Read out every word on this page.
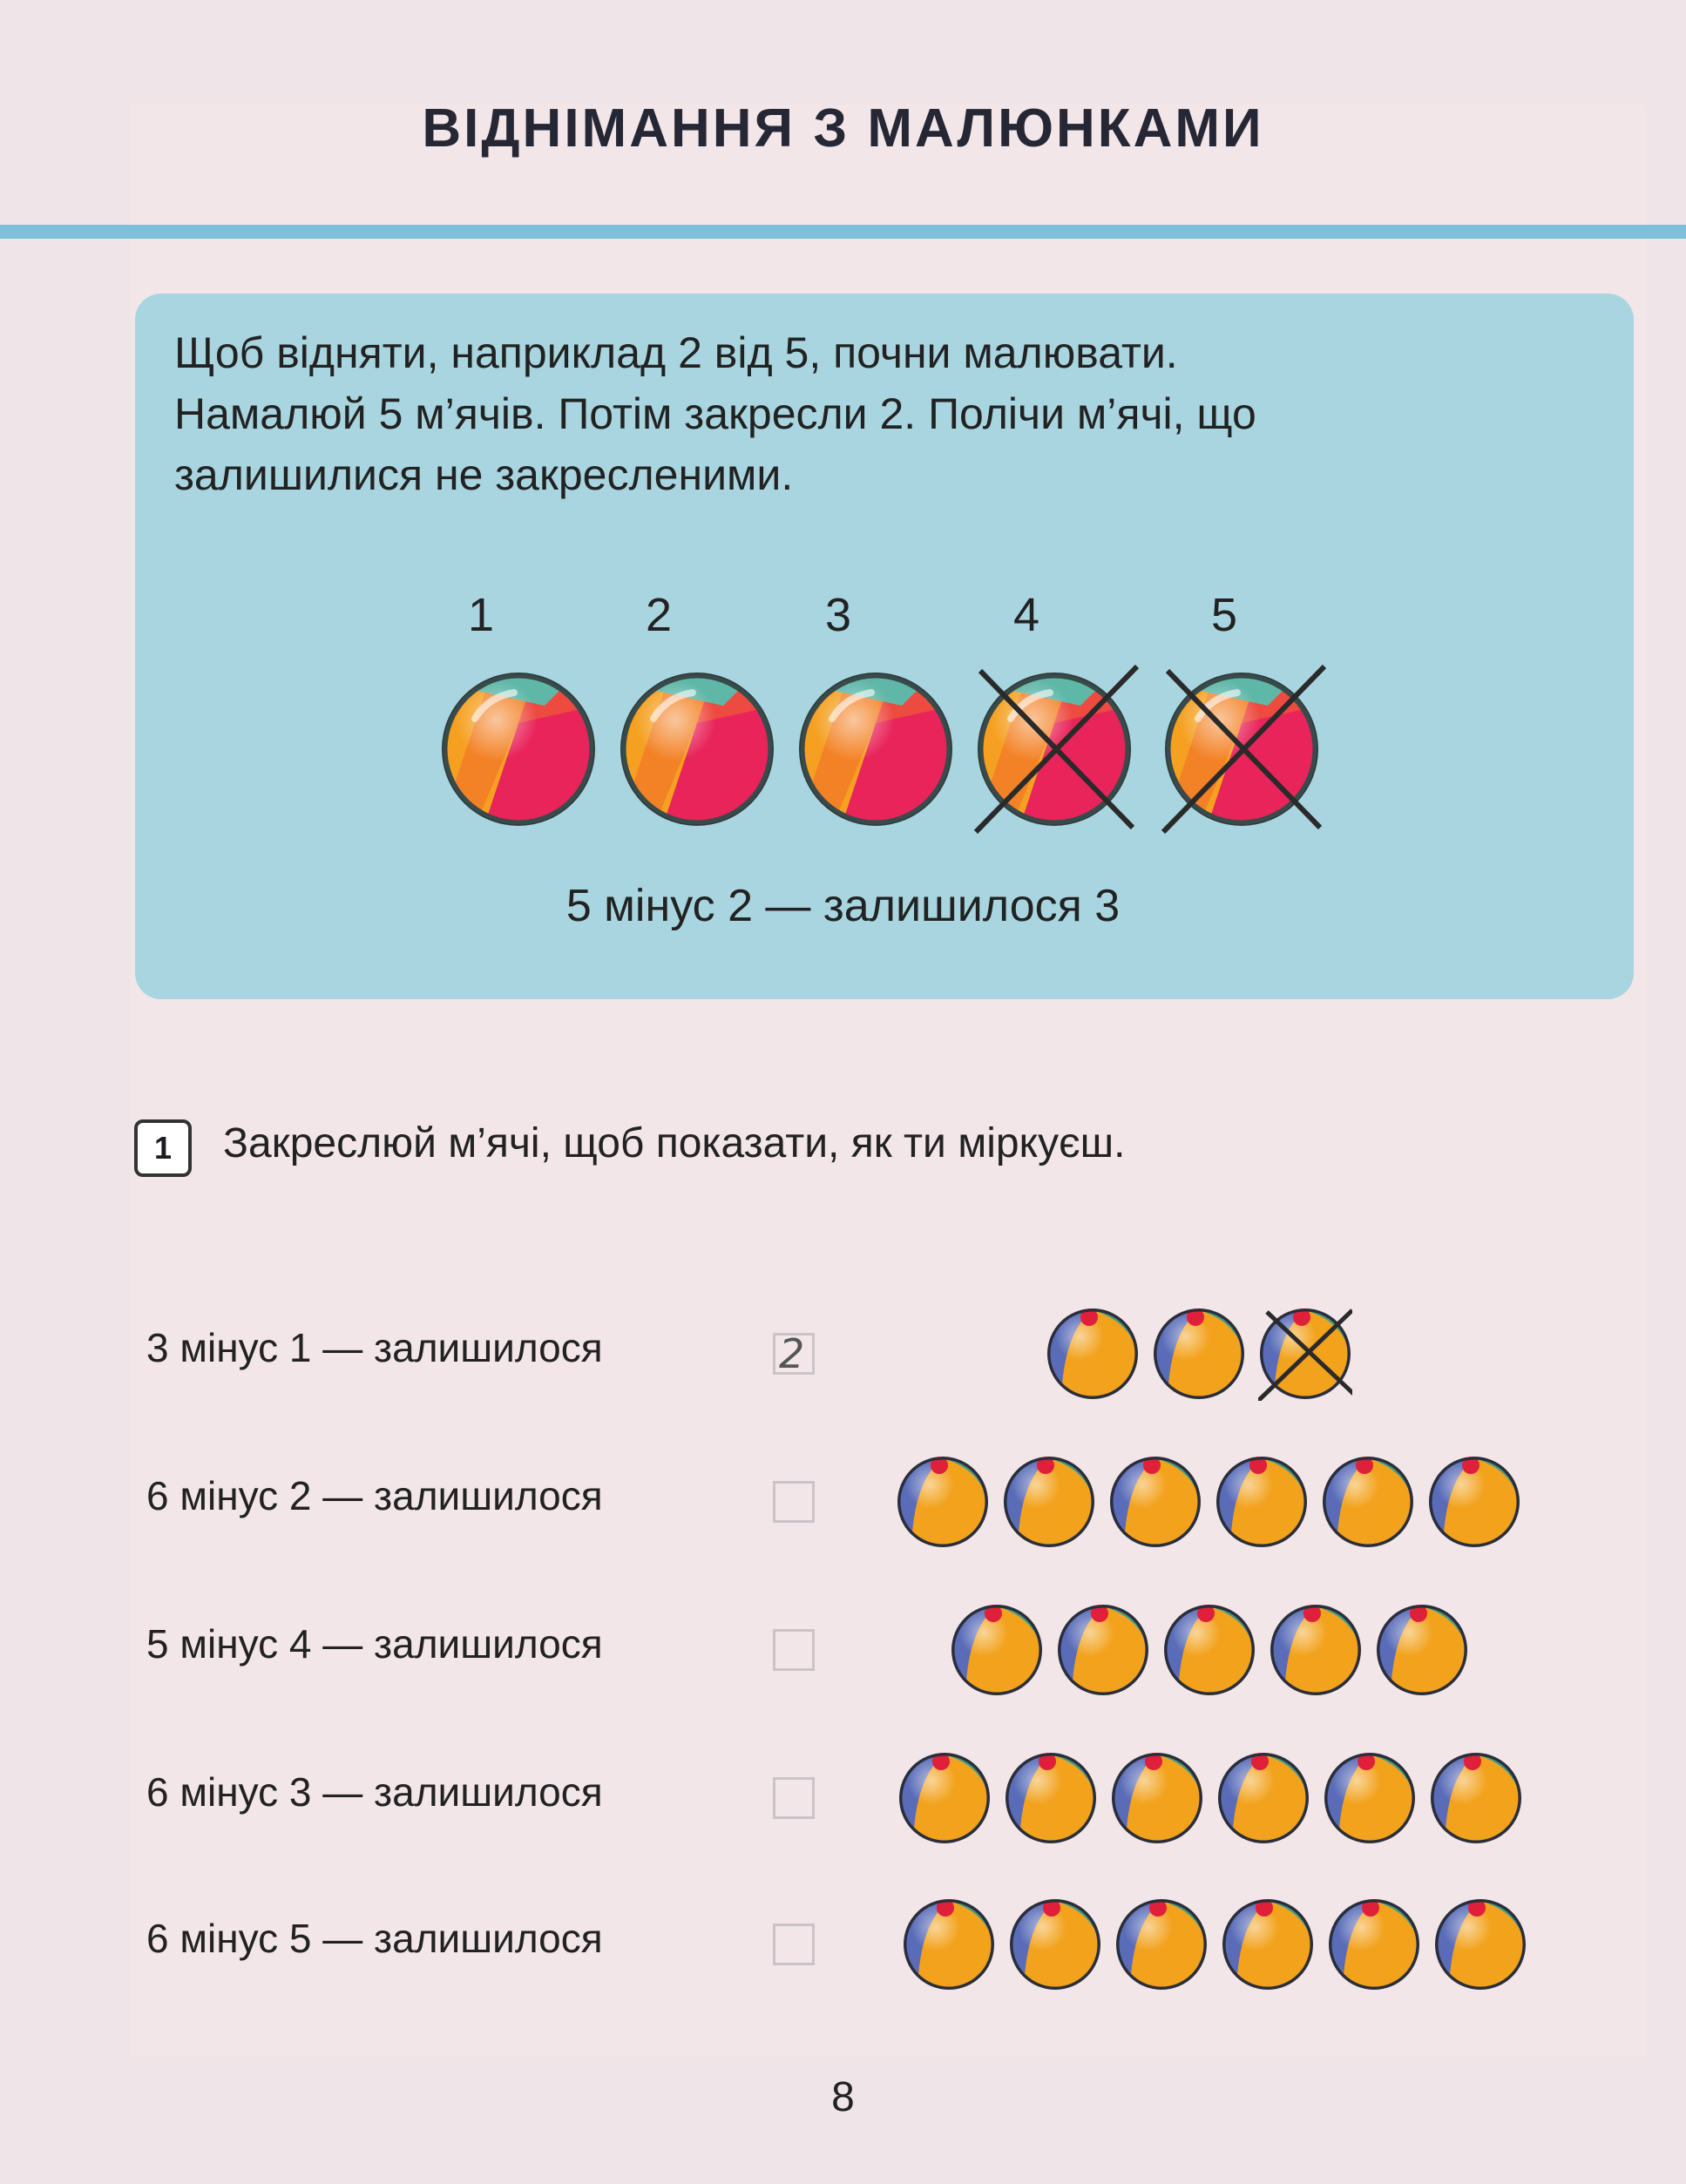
ВІДНІМАННЯ З МАЛЮНКАМИ

Щоб відняти, наприклад 2 від 5, почни малювати.

Намалюй 5 м’ячів. Потім закресли 2. Полічи м’ячі, що

залишилися не закресленими.

1	2	3	4	5
5 мінус 2 — залишилося 3
1	Закреслюй м’ячі, щоб показати, як ти міркуєш.
3 мінус 1 — залишилося	2
6 мінус 2 — залишилося
5 мінус 4 — залишилося
6 мінус 3 — залишилося
6 мінус 5 — залишилося
8
